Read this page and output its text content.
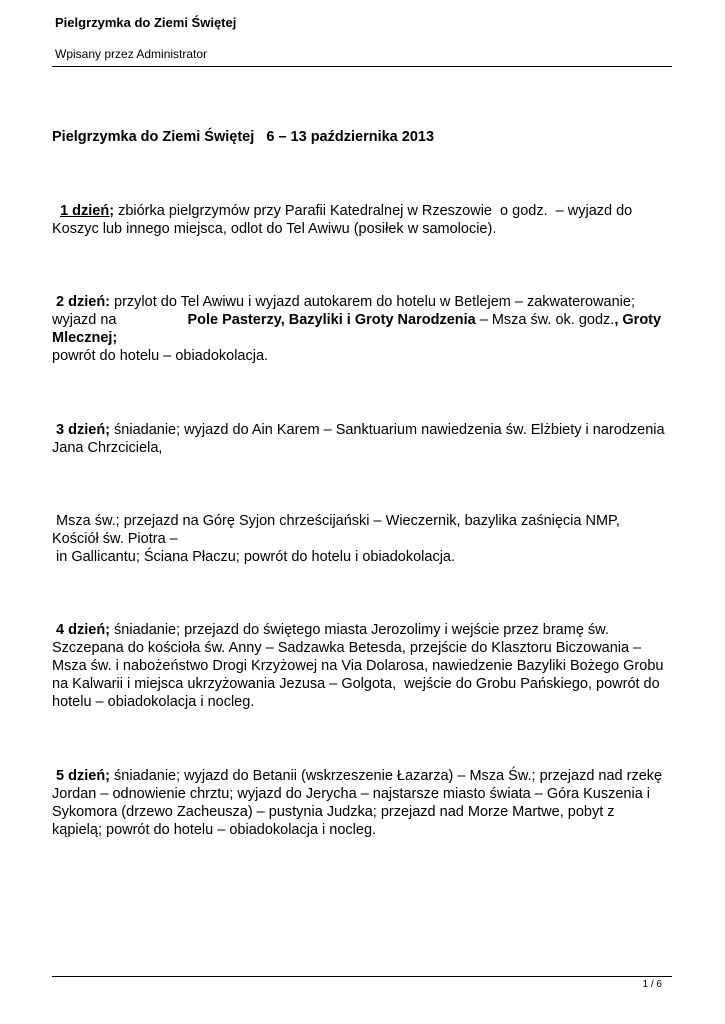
Pielgrzymka do Ziemi Świętej
Wpisany przez Administrator
Pielgrzymka do Ziemi Świętej   6 – 13 października 2013
1 dzień; zbiórka pielgrzymów przy Parafii Katedralnej w Rzeszowie  o godz.  – wyjazd do
Koszyc lub innego miejsca, odlot do Tel Awiwu (posiłek w samolocie).
2 dzień: przylot do Tel Awiwu i wyjazd autokarem do hotelu w Betlejem – zakwaterowanie;
wyjazd na	Pole Pasterzy, Bazyliki i Groty Narodzenia – Msza św. ok. godz., Groty
Mlecznej;
powrót do hotelu – obiadokolacja.
3 dzień; śniadanie; wyjazd do Ain Karem – Sanktuarium nawiedzenia św. Elżbiety i narodzenia
Jana Chrzciciela,
Msza św.; przejazd na Górę Syjon chrześcijański – Wieczernik, bazylika zaśnięcia NMP,
Kościół św. Piotra –
in Gallicantu; Ściana Płaczu; powrót do hotelu i obiadokolacja.
4 dzień; śniadanie; przejazd do świętego miasta Jerozolimy i wejście przez bramę św.
Szczepana do kościoła św. Anny – Sadzawka Betesda, przejście do Klasztoru Biczowania –
Msza św. i nabożeństwo Drogi Krzyżowej na Via Dolarosa, nawiedzenie Bazyliki Bożego Grobu
na Kalwarii i miejsca ukrzyżowania Jezusa – Golgota,  wejście do Grobu Pańskiego, powrót do
hotelu – obiadokolacja i nocleg.
5 dzień; śniadanie; wyjazd do Betanii (wskrzeszenie Łazarza) – Msza Św.; przejazd nad rzekę
Jordan – odnowienie chrztu; wyjazd do Jerycha – najstarsze miasto świata – Góra Kuszenia i
Sykomora (drzewo Zacheusza) – pustynia Judzka; przejazd nad Morze Martwe, pobyt z
kąpielą; powrót do hotelu – obiadokolacja i nocleg.
1 / 6
